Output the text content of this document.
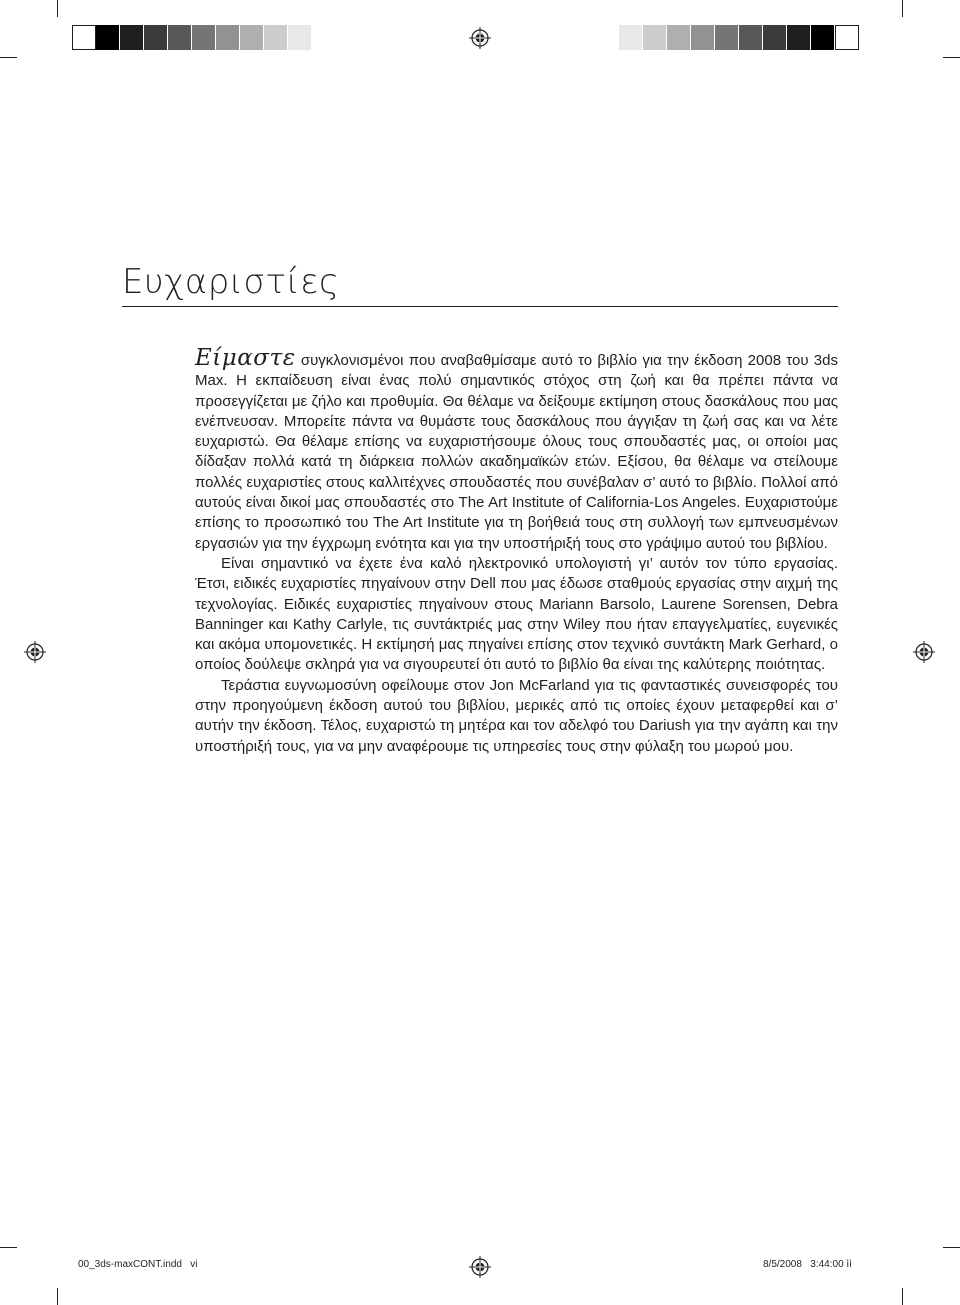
Ευχαριστίες

Είμαστε συγκλονισμένοι που αναβαθμίσαμε αυτό το βιβλίο για την έκδοση 2008 του 3ds Max. Η εκπαίδευση είναι ένας πολύ σημαντικός στόχος στη ζωή και θα πρέπει πάντα να προσεγγίζεται με ζήλο και προθυμία. Θα θέλαμε να δείξουμε εκτίμηση στους δασκάλους που μας ενέπνευσαν. Μπορείτε πάντα να θυμάστε τους δασκάλους που άγγιξαν τη ζωή σας και να λέτε ευχαριστώ. Θα θέλαμε επίσης να ευχαριστήσουμε όλους τους σπουδαστές μας, οι οποίοι μας δίδαξαν πολλά κατά τη διάρκεια πολλών ακαδημαϊκών ετών. Εξίσου, θα θέλαμε να στείλουμε πολλές ευχαριστίες στους καλλιτέχνες σπουδαστές που συνέβαλαν σ’ αυτό το βιβλίο. Πολλοί από αυτούς είναι δικοί μας σπουδαστές στο The Art Institute of California-Los Angeles. Ευχαριστούμε επίσης το προσωπικό του The Art Institute για τη βοήθειά τους στη συλλογή των εμπνευσμένων εργασιών για την έγχρωμη ενότητα και για την υποστήριξή τους στο γράψιμο αυτού του βιβλίου.

Είναι σημαντικό να έχετε ένα καλό ηλεκτρονικό υπολογιστή γι’ αυτόν τον τύπο εργασίας. Έτσι, ειδικές ευχαριστίες πηγαίνουν στην Dell που μας έδωσε σταθμούς εργασίας στην αιχμή της τεχνολογίας. Ειδικές ευχαριστίες πηγαίνουν στους Mariann Barsolo, Laurene Sorensen, Debra Banninger και Kathy Carlyle, τις συντάκτριές μας στην Wiley που ήταν επαγγελματίες, ευγενικές και ακόμα υπομονετικές. Η εκτίμησή μας πηγαίνει επίσης στον τεχνικό συντάκτη Mark Gerhard, ο οποίος δούλεψε σκληρά για να σιγουρευτεί ότι αυτό το βιβλίο θα είναι της καλύτερης ποιότητας.

Τεράστια ευγνωμοσύνη οφείλουμε στον Jon McFarland για τις φανταστικές συνεισφορές του στην προηγούμενη έκδοση αυτού του βιβλίου, μερικές από τις οποίες έχουν μεταφερθεί και σ’ αυτήν την έκδοση. Τέλος, ευχαριστώ τη μητέρα και τον αδελφό του Dariush για την αγάπη και την υποστήριξή τους, για να μην αναφέρουμε τις υπηρεσίες τους στην φύλαξη του μωρού μου.

00_3ds-maxCONT.indd   vi	8/5/2008   3:44:00 ìì
